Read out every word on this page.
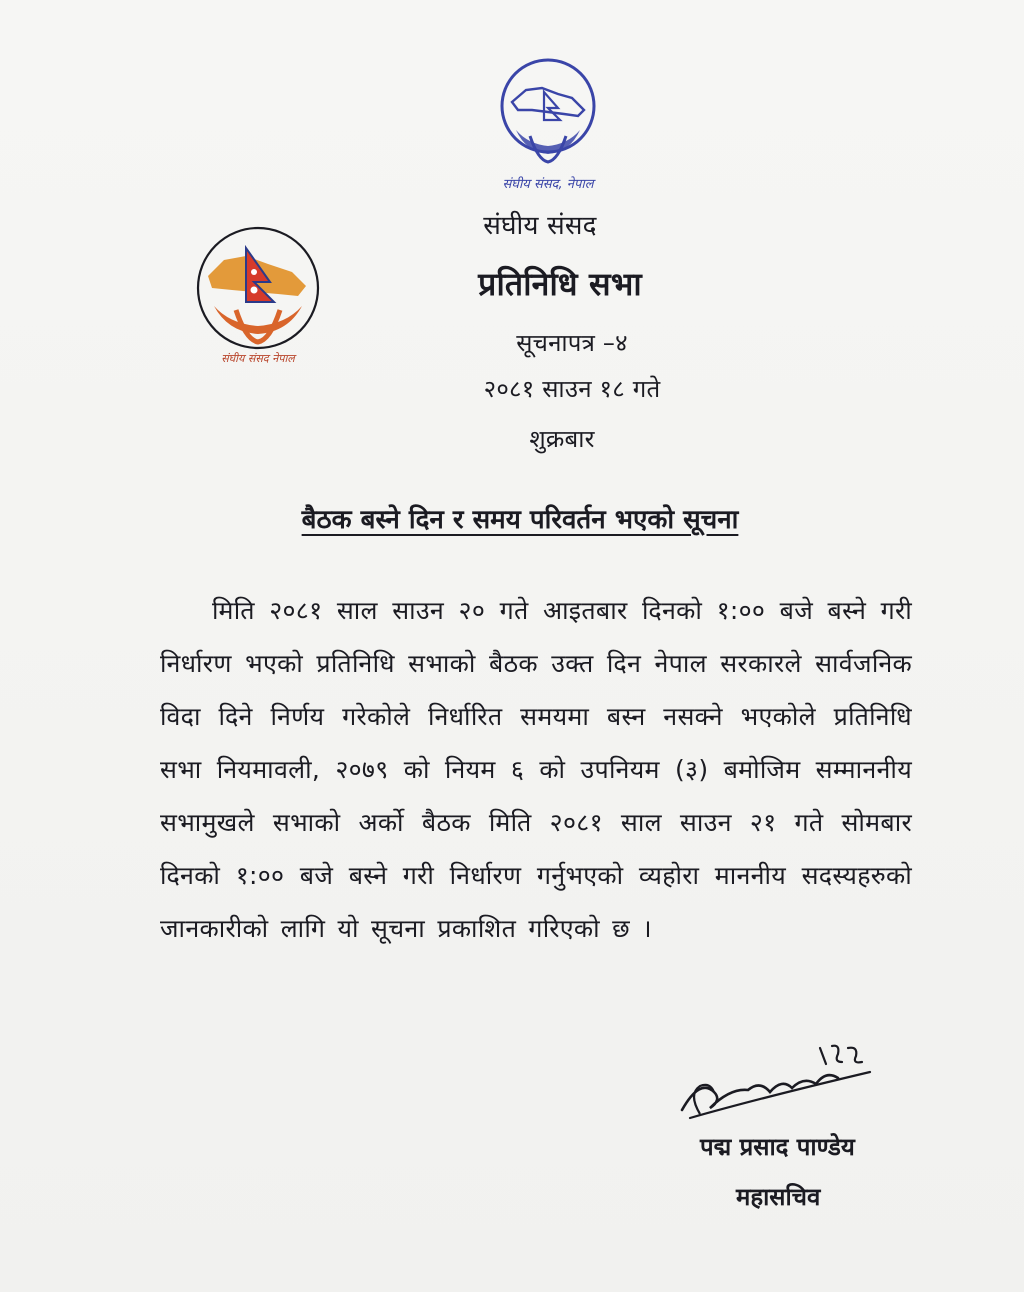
संघीय संसद, नेपाल
संघीय संसद नेपाल
संघीय संसद
प्रतिनिधि सभा
सूचनापत्र –४
२०८१ साउन १८ गते
शुक्रबार
बैठक बस्ने दिन र समय परिवर्तन भएको सूचना
मिति २०८१ साल साउन २० गते आइतबार दिनको १:०० बजे बस्ने गरी निर्धारण भएको प्रतिनिधि सभाको बैठक उक्त दिन नेपाल सरकारले सार्वजनिक विदा दिने निर्णय गरेकोले निर्धारित समयमा बस्न नसक्ने भएकोले प्रतिनिधि सभा नियमावली, २०७९ को नियम ६ को उपनियम (३) बमोजिम सम्माननीय सभामुखले सभाको अर्को बैठक मिति २०८१ साल साउन २१ गते सोमबार दिनको १:०० बजे बस्ने गरी निर्धारण गर्नुभएको व्यहोरा माननीय सदस्यहरुको जानकारीको लागि यो सूचना प्रकाशित गरिएको छ ।
पद्म प्रसाद पाण्डेय
महासचिव
